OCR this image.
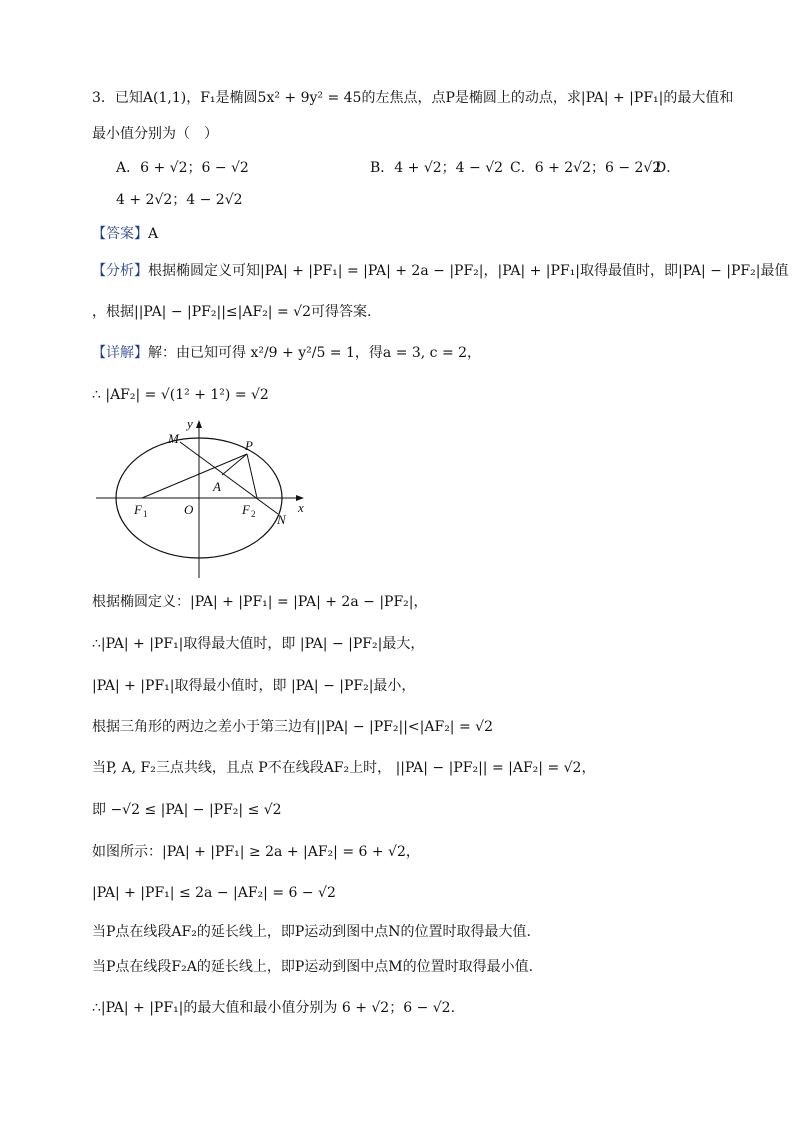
3．已知A(1,1)，F₁是椭圆5x² + 9y² = 45的左焦点，点P是椭圆上的动点，求|PA| + |PF₁|的最大值和
最小值分别为（　）
A．6 + √2；6 − √2	B．4 + √2；4 − √2 C．6 + 2√2；6 − 2√2
D．
4 + 2√2；4 − 2√2
【答案】A
【分析】根据椭圆定义可知|PA| + |PF₁| = |PA| + 2a − |PF₂|，|PA| + |PF₁|取得最值时，即|PA| − |PF₂|最值
，根据||PA| − |PF₂||≤|AF₂| = √2可得答案.
【详解】解：由已知可得 x²/9 + y²/5 = 1，得a = 3, c = 2，
∴ |AF₂| = √(1² + 1²) = √2
M
y
P
A
F 1	O	F 2 N
x
根据椭圆定义：|PA| + |PF₁| = |PA| + 2a − |PF₂|，
∴|PA| + |PF₁|取得最大值时，即 |PA| − |PF₂|最大，
|PA| + |PF₁|取得最小值时，即 |PA| − |PF₂|最小，
根据三角形的两边之差小于第三边有||PA| − |PF₂||<|AF₂| = √2
当P, A, F₂三点共线，且点 P不在线段AF₂上时， ||PA| − |PF₂|| = |AF₂| = √2，
即 −√2 ≤ |PA| − |PF₂| ≤ √2
如图所示：|PA| + |PF₁| ≥ 2a + |AF₂| = 6 + √2，
|PA| + |PF₁| ≤ 2a − |AF₂| = 6 − √2
当P点在线段AF₂的延长线上，即P运动到图中点N的位置时取得最大值.
当P点在线段F₂A的延长线上，即P运动到图中点M的位置时取得最小值.
∴|PA| + |PF₁|的最大值和最小值分别为 6 + √2；6 − √2.
